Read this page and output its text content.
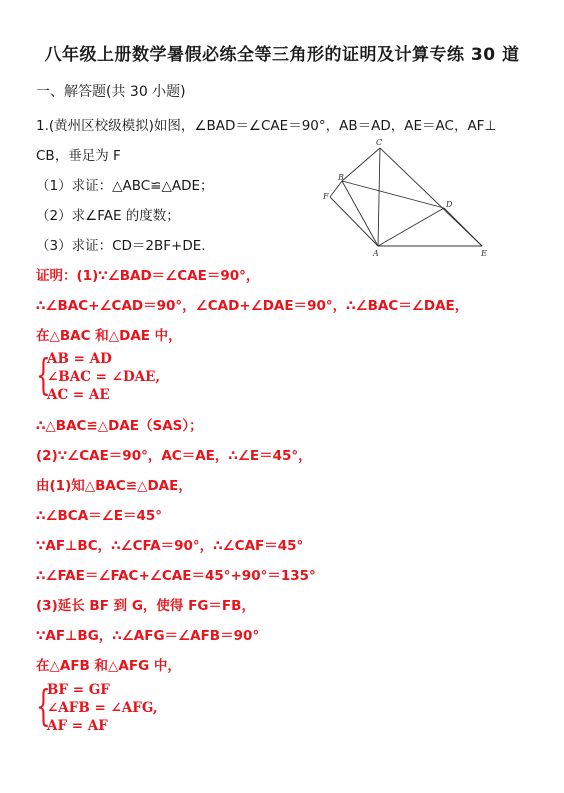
八年级上册数学暑假必练全等三角形的证明及计算专练 30 道
一、解答题(共 30 小题)
1.(黄州区校级模拟)如图，∠BAD＝∠CAE＝90°，AB＝AD，AE＝AC，AF⊥
CB，垂足为 F
（1）求证：△ABC≌△ADE；
（2）求∠FAE 的度数；
（3）求证：CD＝2BF+DE.
C
B
F
D
A	E
证明：(1)∵∠BAD＝∠CAE＝90°，
∴∠BAC+∠CAD＝90°，∠CAD+∠DAE＝90°，∴∠BAC＝∠DAE，
在△BAC 和△DAE 中，
{
AB = AD
∠BAC = ∠DAE,
AC = AE
∴△BAC≌△DAE（SAS）；
(2)∵∠CAE＝90°，AC＝AE，∴∠E＝45°，
由(1)知△BAC≌△DAE，
∴∠BCA＝∠E＝45°
∵AF⊥BC，∴∠CFA＝90°，∴∠CAF＝45°
∴∠FAE＝∠FAC+∠CAE＝45°+90°＝135°
(3)延长 BF 到 G，使得 FG＝FB，
∵AF⊥BG，∴∠AFG＝∠AFB＝90°
在△AFB 和△AFG 中，
{
BF = GF
∠AFB = ∠AFG,
AF = AF
